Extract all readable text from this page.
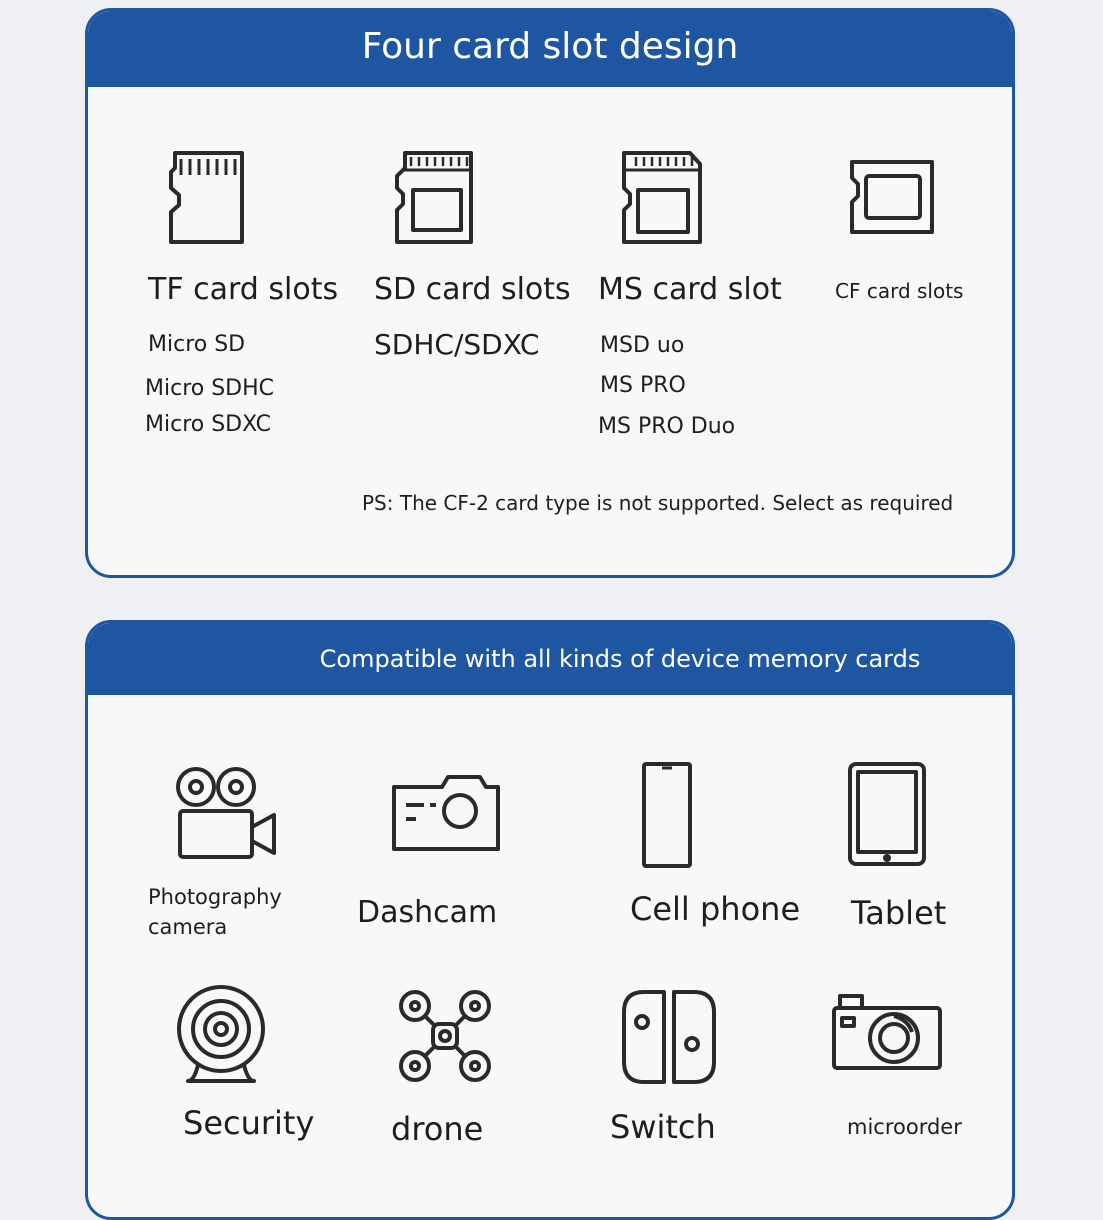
Four card slot design
TF card slots
Micro SD
Micro SDHC
Micro SDXC
SD card slots
SDHC/SDXC
MS card slot
MSD uo
MS PRO
MS PRO Duo
CF card slots
PS: The CF-2 card type is not supported. Select as required
Compatible with all kinds of device memory cards
Photography
camera	Dashcam	Cell phone Tablet
Security drone	Switch	microorder
